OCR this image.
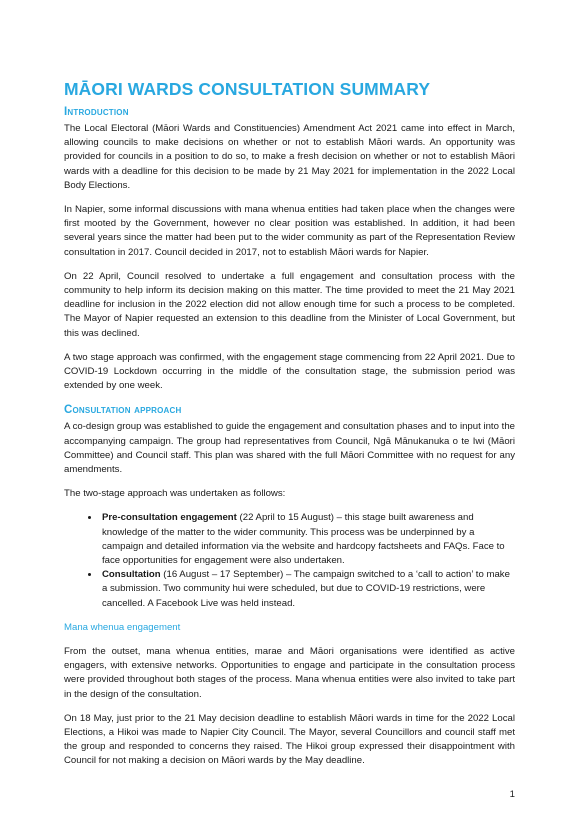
MĀORI WARDS CONSULTATION SUMMARY
Introduction

The Local Electoral (Māori Wards and Constituencies) Amendment Act 2021 came into effect in March, allowing councils to make decisions on whether or not to establish Māori wards. An opportunity was provided for councils in a position to do so, to make a fresh decision on whether or not to establish Māori wards with a deadline for this decision to be made by 21 May 2021 for implementation in the 2022 Local Body Elections.

In Napier, some informal discussions with mana whenua entities had taken place when the changes were first mooted by the Government, however no clear position was established. In addition, it had been several years since the matter had been put to the wider community as part of the Representation Review consultation in 2017. Council decided in 2017, not to establish Māori wards for Napier.

On 22 April, Council resolved to undertake a full engagement and consultation process with the community to help inform its decision making on this matter. The time provided to meet the 21 May 2021 deadline for inclusion in the 2022 election did not allow enough time for such a process to be completed. The Mayor of Napier requested an extension to this deadline from the Minister of Local Government, but this was declined.

A two stage approach was confirmed, with the engagement stage commencing from 22 April 2021. Due to COVID-19 Lockdown occurring in the middle of the consultation stage, the submission period was extended by one week.

Consultation approach

A co-design group was established to guide the engagement and consultation phases and to input into the accompanying campaign. The group had representatives from Council, Ngā Mānukanuka o te Iwi (Māori Committee) and Council staff. This plan was shared with the full Māori Committee with no request for any amendments.

The two-stage approach was undertaken as follows:

• Pre-consultation engagement (22 April to 15 August) – this stage built awareness and knowledge of the matter to the wider community. This process was be underpinned by a campaign and detailed information via the website and hardcopy factsheets and FAQs. Face to face opportunities for engagement were also undertaken.
• Consultation (16 August – 17 September) – The campaign switched to a ‘call to action’ to make a submission. Two community hui were scheduled, but due to COVID-19 restrictions, were cancelled. A Facebook Live was held instead.
Mana whenua engagement

From the outset, mana whenua entities, marae and Māori organisations were identified as active engagers, with extensive networks. Opportunities to engage and participate in the consultation process were provided throughout both stages of the process. Mana whenua entities were also invited to take part in the design of the consultation.

On 18 May, just prior to the 21 May decision deadline to establish Māori wards in time for the 2022 Local Elections, a Hikoi was made to Napier City Council. The Mayor, several Councillors and council staff met the group and responded to concerns they raised. The Hikoi group expressed their disappointment with Council for not making a decision on Māori wards by the May deadline.

1
